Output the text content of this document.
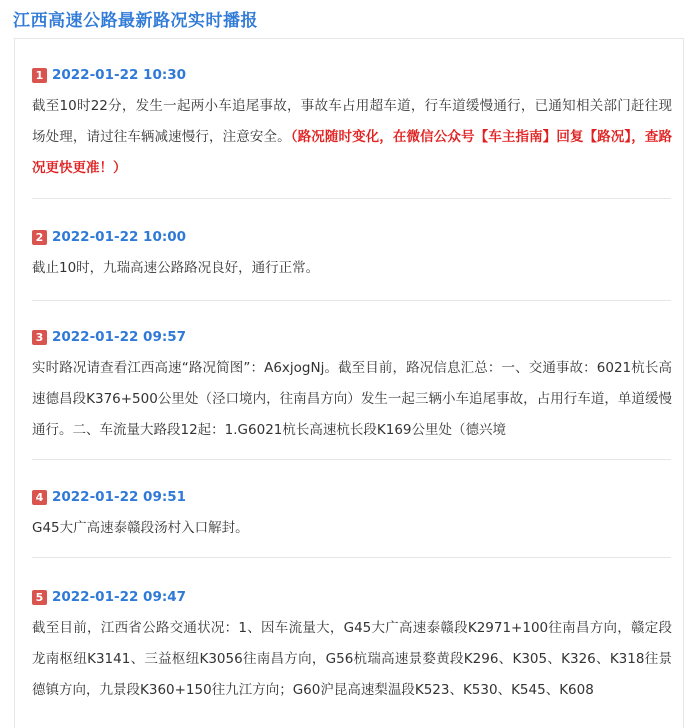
江西高速公路最新路况实时播报
1 2022-01-22 10:30
截至10时22分，发生一起两小车追尾事故，事故车占用超车道，行车道缓慢通行，已通知相关部门赶往现场处理，请过往车辆减速慢行，注意安全。（路况随时变化，在微信公众号【车主指南】回复【路况】，查路况更快更准！）
2 2022-01-22 10:00
截止10时，九瑞高速公路路况良好，通行正常。
3 2022-01-22 09:57
实时路况请查看江西高速“路况简图”：A6xjogNj。截至目前，路况信息汇总：一、交通事故：6021杭长高速德昌段K376+500公里处（泾口境内，往南昌方向）发生一起三辆小车追尾事故，占用行车道，单道缓慢通行。二、车流量大路段12起：1.G6021杭长高速杭长段K169公里处（德兴境
4 2022-01-22 09:51
G45大广高速泰赣段汤村入口解封。
5 2022-01-22 09:47
截至目前，江西省公路交通状况：1、因车流量大，G45大广高速泰赣段K2971+100往南昌方向，赣定段龙南枢纽K3141、三益枢纽K3056往南昌方向，G56杭瑞高速景婺黄段K296、K305、K326、K318往景德镇方向，九景段K360+150往九江方向；G60沪昆高速梨温段K523、K530、K545、K608
